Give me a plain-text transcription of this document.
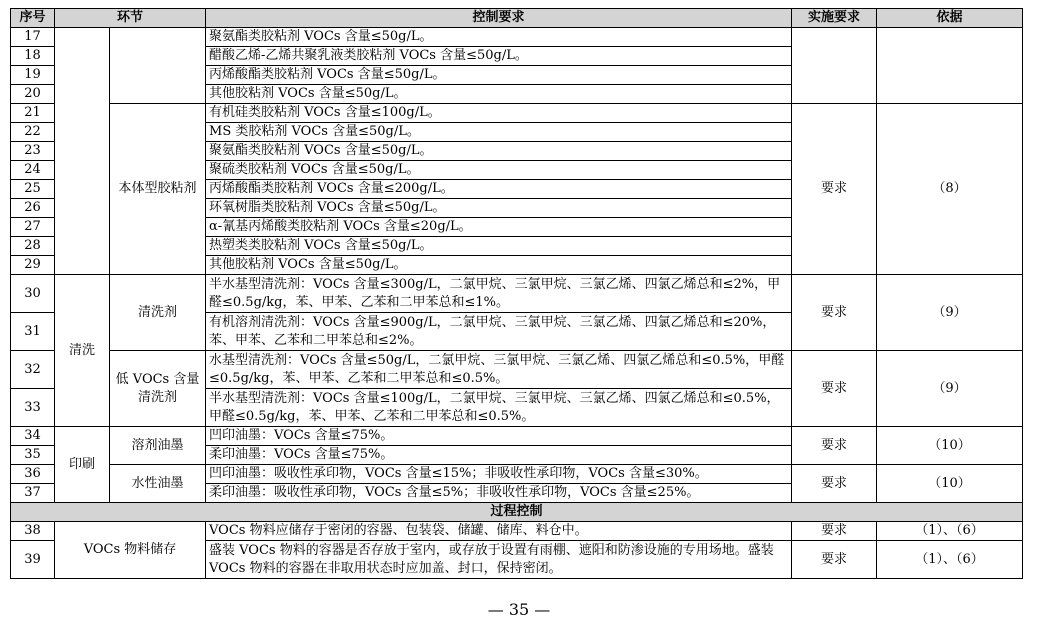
序号	环节		控制要求	实施要求	依据
17			聚氨酯类胶粘剂 VOCs 含量≤50g/L。		
18			醋酸乙烯-乙烯共聚乳液类胶粘剂 VOCs 含量≤50g/L。		
19			丙烯酸酯类胶粘剂 VOCs 含量≤50g/L。		
20			其他胶粘剂 VOCs 含量≤50g/L。		
21		本体型胶粘剂	有机硅类胶粘剂 VOCs 含量≤100g/L。	要求	（8）
22			MS 类胶粘剂 VOCs 含量≤50g/L。		
23			聚氨酯类胶粘剂 VOCs 含量≤50g/L。		
24			聚硫类胶粘剂 VOCs 含量≤50g/L。		
25			丙烯酸酯类胶粘剂 VOCs 含量≤200g/L。		
26			环氧树脂类胶粘剂 VOCs 含量≤50g/L。		
27			α-氰基丙烯酸类胶粘剂 VOCs 含量≤20g/L。		
28			热塑类类胶粘剂 VOCs 含量≤50g/L。		
29			其他胶粘剂 VOCs 含量≤50g/L。		
30	清洗	清洗剂	半水基型清洗剂：VOCs 含量≤300g/L，二氯甲烷、三氯甲烷、三氯乙烯、四氯乙烯总和≤2%，甲醛≤0.5g/kg，苯、甲苯、乙苯和二甲苯总和≤1%。	要求	（9）
31			有机溶剂清洗剂：VOCs 含量≤900g/L，二氯甲烷、三氯甲烷、三氯乙烯、四氯乙烯总和≤20%，苯、甲苯、乙苯和二甲苯总和≤2%。		
32		低 VOCs 含量清洗剂	水基型清洗剂：VOCs 含量≤50g/L，二氯甲烷、三氯甲烷、三氯乙烯、四氯乙烯总和≤0.5%，甲醛≤0.5g/kg，苯、甲苯、乙苯和二甲苯总和≤0.5%。	要求	（9）
33			半水基型清洗剂：VOCs 含量≤100g/L，二氯甲烷、三氯甲烷、三氯乙烯、四氯乙烯总和≤0.5%，甲醛≤0.5g/kg，苯、甲苯、乙苯和二甲苯总和≤0.5%。		
34	印刷	溶剂油墨	凹印油墨：VOCs 含量≤75%。	要求	（10）
35			柔印油墨：VOCs 含量≤75%。		
36		水性油墨	凹印油墨：吸收性承印物，VOCs 含量≤15%；非吸收性承印物，VOCs 含量≤30%。	要求	（10）
37			柔印油墨：吸收性承印物，VOCs 含量≤5%；非吸收性承印物，VOCs 含量≤25%。		
过程控制					
38	VOCs 物料储存		VOCs 物料应储存于密闭的容器、包装袋、储罐、储库、料仓中。	要求	（1）、（6）
39			盛装 VOCs 物料的容器是否存放于室内，或存放于设置有雨棚、遮阳和防渗设施的专用场地。盛装 VOCs 物料的容器在非取用状态时应加盖、封口，保持密闭。	要求	（1）、（6）
— 35 —
